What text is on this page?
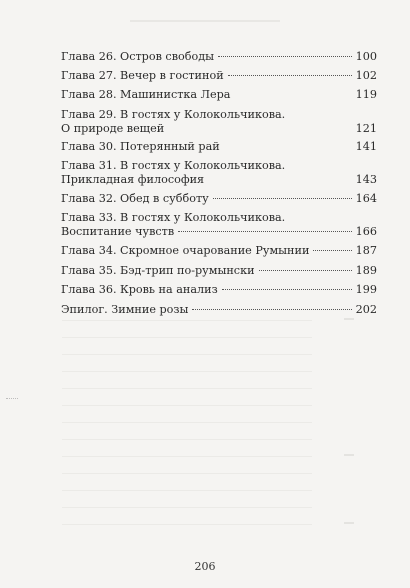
Глава 26. Остров свободы	100
Глава 27. Вечер в гостиной	102
Глава 28. Машинистка Лера	119
Глава 29. В гостях у Колокольчикова.
О природе вещей	121
Глава 30. Потерянный рай	141
Глава 31. В гостях у Колокольчикова.
Прикладная философия	143
Глава 32. Обед в субботу	164
Глава 33. В гостях у Колокольчикова.
Воспитание чувств	166
Глава 34. Скромное очарование Румынии	187
Глава 35. Бэд-трип по-румынски	189
Глава 36. Кровь на анализ	199
Эпилог. Зимние розы	202
206
